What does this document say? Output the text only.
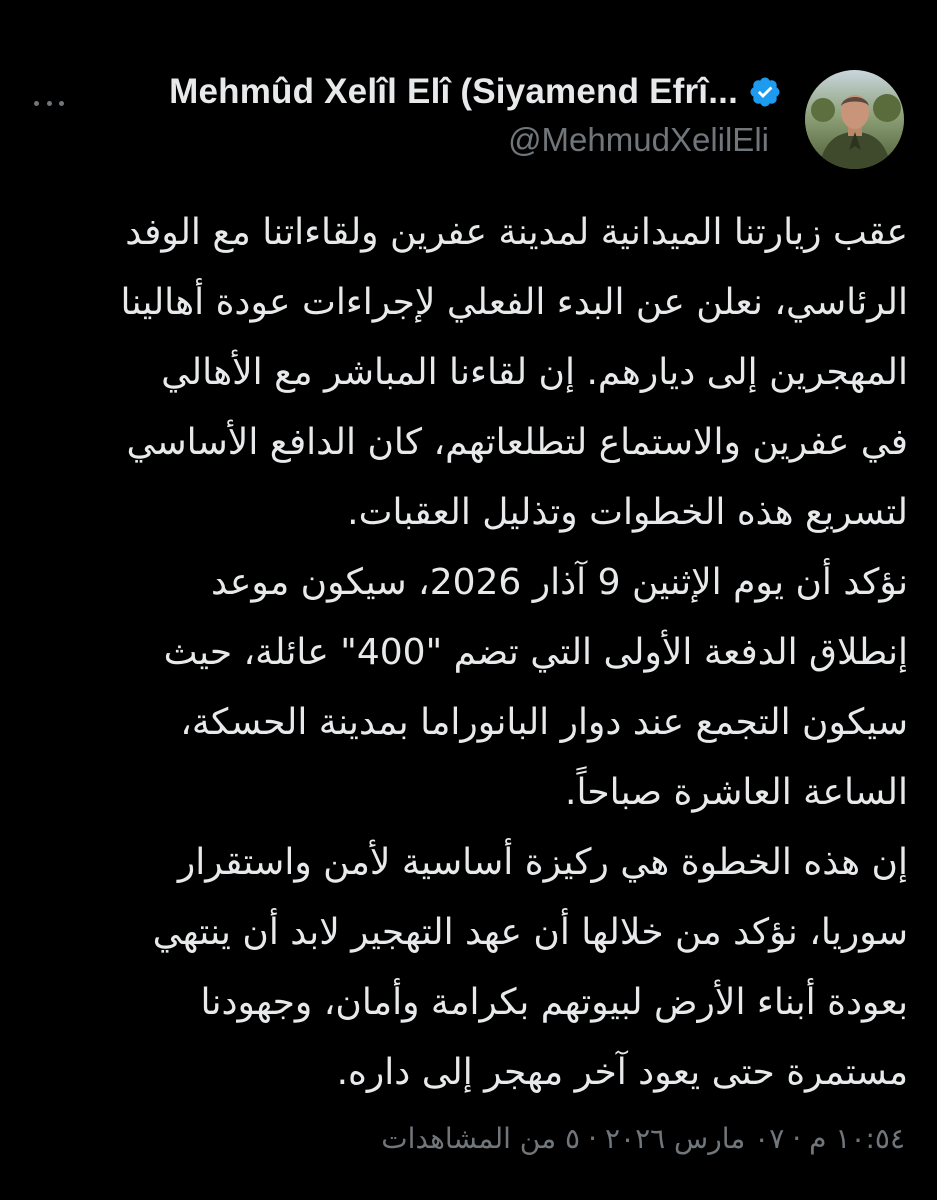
Mehmûd Xelîl Elî (Siyamend Efrî...
@MehmudXelilEli
عقب زيارتنا الميدانية لمدينة عفرين ولقاءاتنا مع الوفد
الرئاسي، نعلن عن البدء الفعلي لإجراءات عودة أهالينا
المهجرين إلى ديارهم. إن لقاءنا المباشر مع الأهالي
في عفرين والاستماع لتطلعاتهم، كان الدافع الأساسي
لتسريع هذه الخطوات وتذليل العقبات.
نؤكد أن يوم الإثنين 9 آذار 2026، سيكون موعد
إنطلاق الدفعة الأولى التي تضم "400" عائلة، حيث
سيكون التجمع عند دوار البانوراما بمدينة الحسكة،
الساعة العاشرة صباحاً.
إن هذه الخطوة هي ركيزة أساسية لأمن واستقرار
سوريا، نؤكد من خلالها أن عهد التهجير لابد أن ينتهي
بعودة أبناء الأرض لبيوتهم بكرامة وأمان، وجهودنا
مستمرة حتى يعود آخر مهجر إلى داره.
١٠:٥٤ م
·
٠٧ مارس ٢٠٢٦
·
٥ من المشاهدات
